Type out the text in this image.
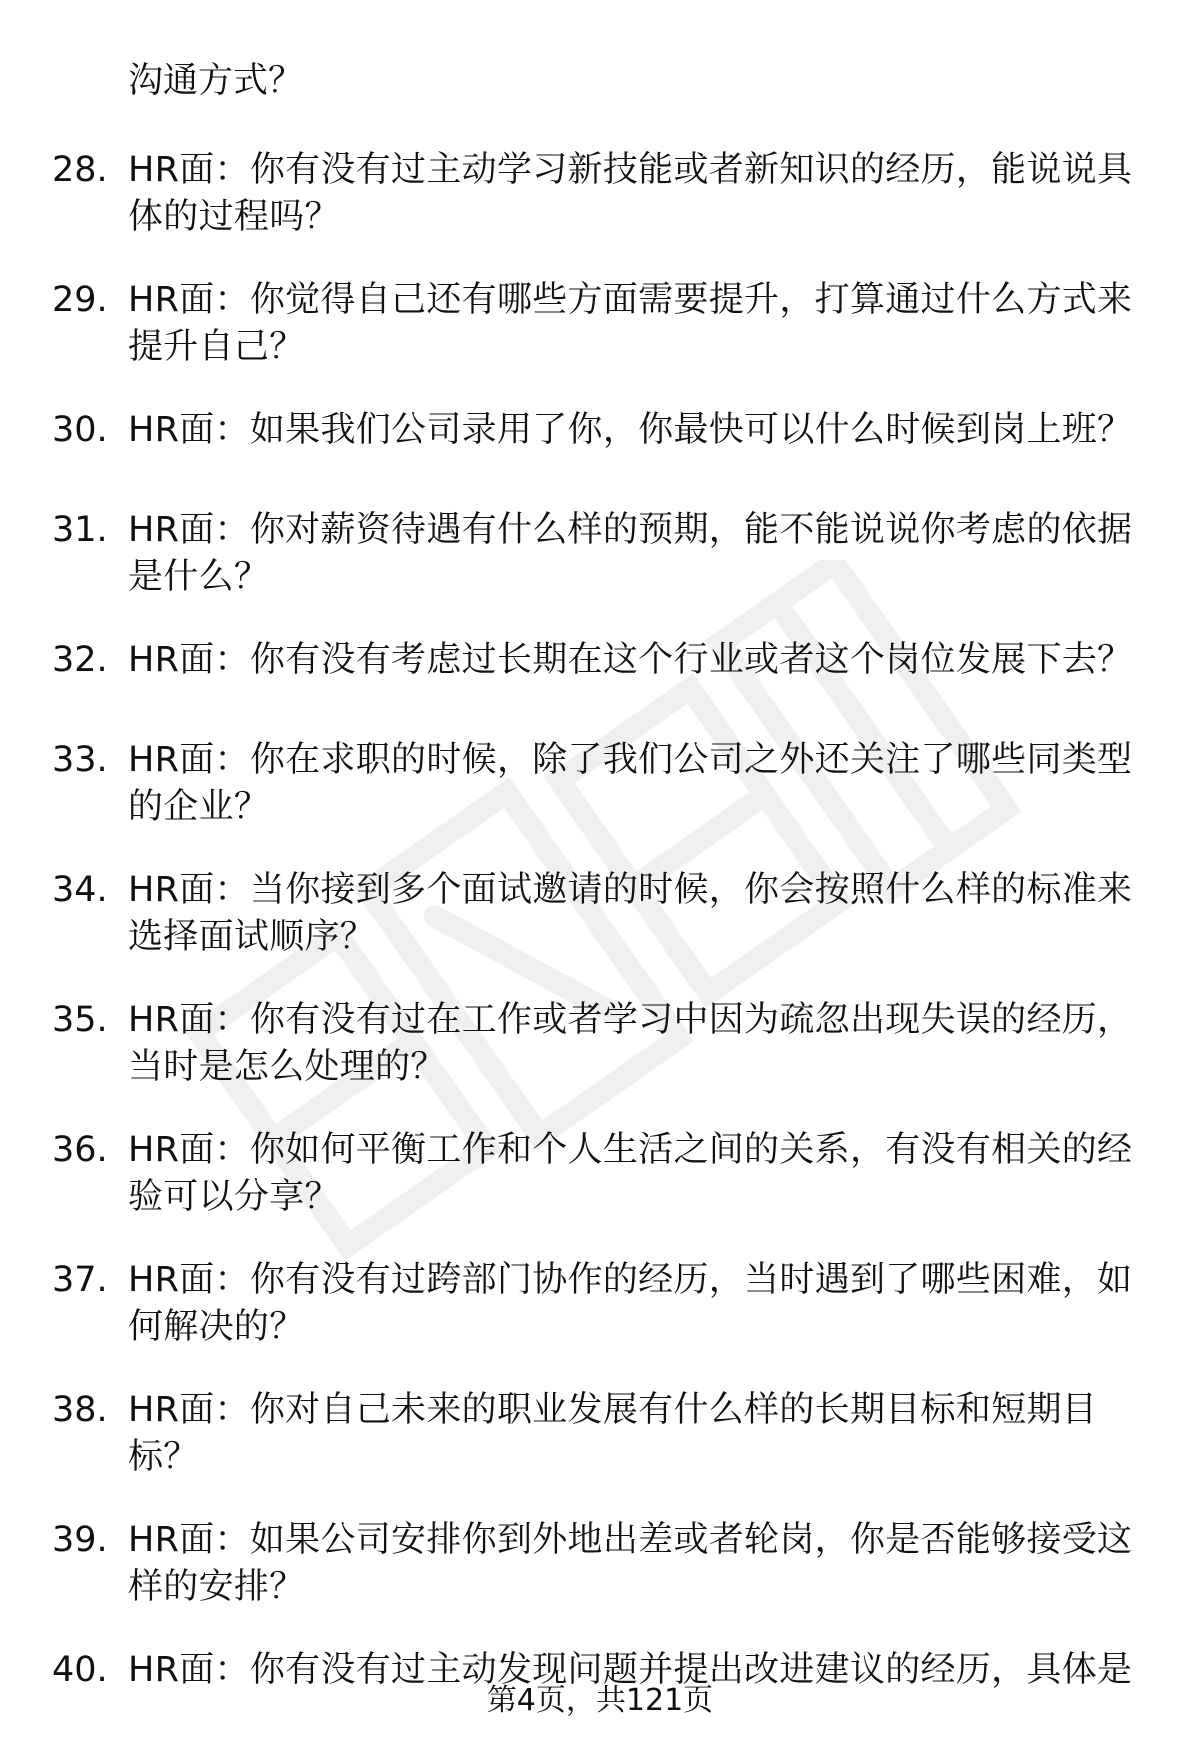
沟通方式？
28. HR面：你有没有过主动学习新技能或者新知识的经历，能说说具体的过程吗？
29. HR面：你觉得自己还有哪些方面需要提升，打算通过什么方式来提升自己？
30. HR面：如果我们公司录用了你，你最快可以什么时候到岗上班？
31. HR面：你对薪资待遇有什么样的预期，能不能说说你考虑的依据是什么？
32. HR面：你有没有考虑过长期在这个行业或者这个岗位发展下去？
33. HR面：你在求职的时候，除了我们公司之外还关注了哪些同类型的企业？
34. HR面：当你接到多个面试邀请的时候，你会按照什么样的标准来选择面试顺序？
35. HR面：你有没有过在工作或者学习中因为疏忽出现失误的经历，当时是怎么处理的？
36. HR面：你如何平衡工作和个人生活之间的关系，有没有相关的经验可以分享？
37. HR面：你有没有过跨部门协作的经历，当时遇到了哪些困难，如何解决的？
38. HR面：你对自己未来的职业发展有什么样的长期目标和短期目标？
39. HR面：如果公司安排你到外地出差或者轮岗，你是否能够接受这样的安排？
40. HR面：你有没有过主动发现问题并提出改进建议的经历，具体是
第4页，共121页
